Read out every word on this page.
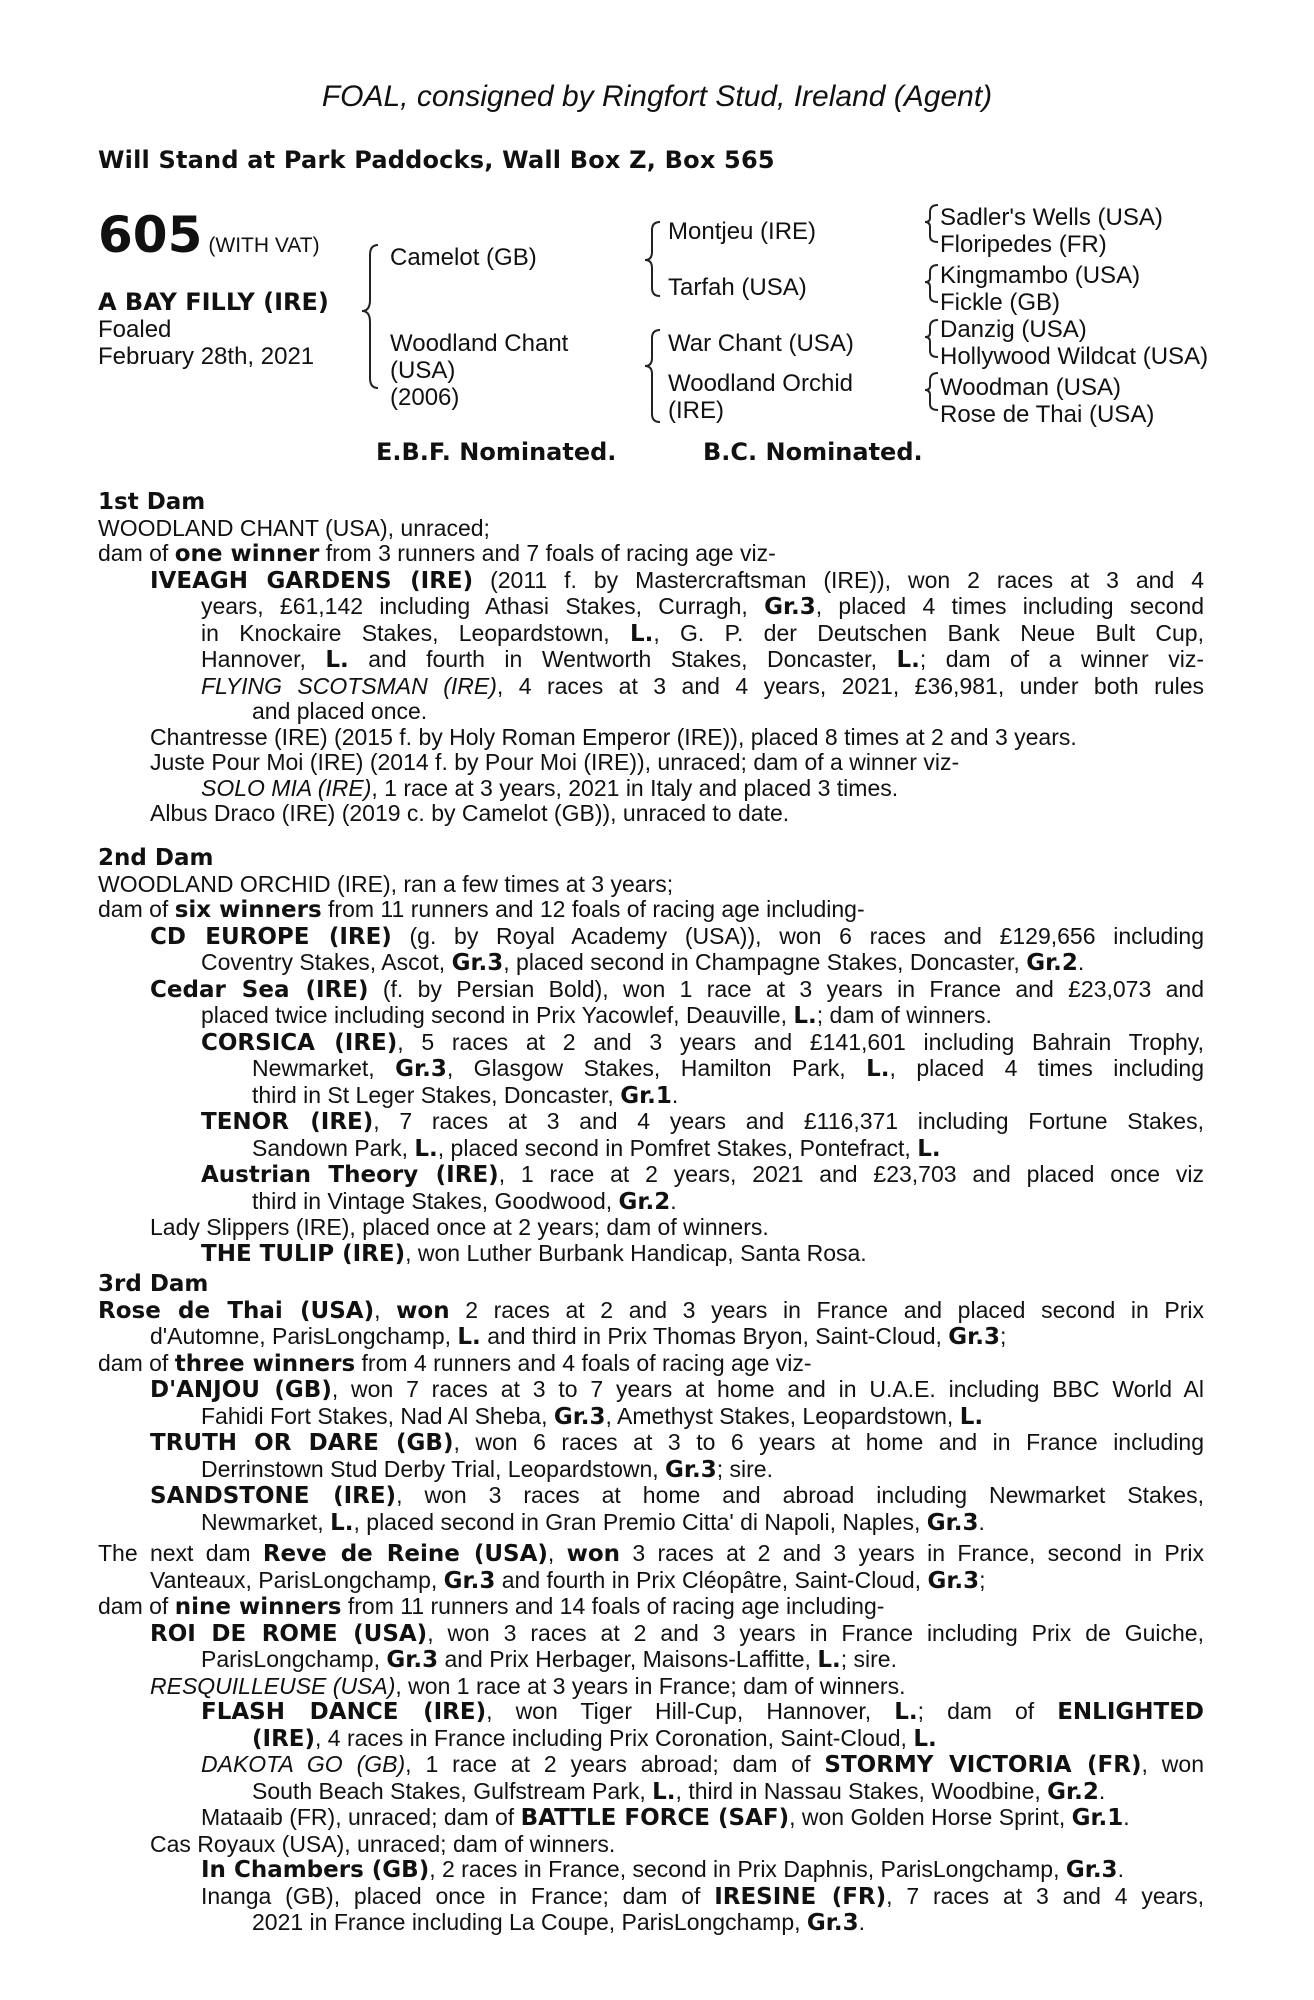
FOAL, consigned by Ringfort Stud, Ireland (Agent)
Will Stand at Park Paddocks, Wall Box Z, Box 565
605 (WITH VAT)
A BAY FILLY (IRE)
Foaled
February 28th, 2021
Camelot (GB)
Woodland Chant
(USA)
(2006)
Montjeu (IRE)
Tarfah (USA)
War Chant (USA)
Woodland Orchid
(IRE)
Sadler's Wells (USA)
Floripedes (FR)
Kingmambo (USA)
Fickle (GB)
Danzig (USA)
Hollywood Wildcat (USA)
Woodman (USA)
Rose de Thai (USA)
E.B.F. Nominated.	B.C. Nominated.
1st Dam
WOODLAND CHANT (USA), unraced;
dam of one winner from 3 runners and 7 foals of racing age viz-
IVEAGH GARDENS (IRE) (2011 f. by Mastercraftsman (IRE)), won 2 races at 3 and 4
years, £61,142 including Athasi Stakes, Curragh, Gr.3, placed 4 times including second
in Knockaire Stakes, Leopardstown, L., G. P. der Deutschen Bank Neue Bult Cup,
Hannover, L. and fourth in Wentworth Stakes, Doncaster, L.; dam of a winner viz-
FLYING SCOTSMAN (IRE), 4 races at 3 and 4 years, 2021, £36,981, under both rules
and placed once.
Chantresse (IRE) (2015 f. by Holy Roman Emperor (IRE)), placed 8 times at 2 and 3 years.
Juste Pour Moi (IRE) (2014 f. by Pour Moi (IRE)), unraced; dam of a winner viz-
SOLO MIA (IRE), 1 race at 3 years, 2021 in Italy and placed 3 times.
Albus Draco (IRE) (2019 c. by Camelot (GB)), unraced to date.
2nd Dam
WOODLAND ORCHID (IRE), ran a few times at 3 years;
dam of six winners from 11 runners and 12 foals of racing age including-
CD EUROPE (IRE) (g. by Royal Academy (USA)), won 6 races and £129,656 including
Coventry Stakes, Ascot, Gr.3, placed second in Champagne Stakes, Doncaster, Gr.2.
Cedar Sea (IRE) (f. by Persian Bold), won 1 race at 3 years in France and £23,073 and
placed twice including second in Prix Yacowlef, Deauville, L.; dam of winners.
CORSICA (IRE), 5 races at 2 and 3 years and £141,601 including Bahrain Trophy,
Newmarket, Gr.3, Glasgow Stakes, Hamilton Park, L., placed 4 times including
third in St Leger Stakes, Doncaster, Gr.1.
TENOR (IRE), 7 races at 3 and 4 years and £116,371 including Fortune Stakes,
Sandown Park, L., placed second in Pomfret Stakes, Pontefract, L.
Austrian Theory (IRE), 1 race at 2 years, 2021 and £23,703 and placed once viz
third in Vintage Stakes, Goodwood, Gr.2.
Lady Slippers (IRE), placed once at 2 years; dam of winners.
THE TULIP (IRE), won Luther Burbank Handicap, Santa Rosa.
3rd Dam
Rose de Thai (USA), won 2 races at 2 and 3 years in France and placed second in Prix
d'Automne, ParisLongchamp, L. and third in Prix Thomas Bryon, Saint-Cloud, Gr.3;
dam of three winners from 4 runners and 4 foals of racing age viz-
D'ANJOU (GB), won 7 races at 3 to 7 years at home and in U.A.E. including BBC World Al
Fahidi Fort Stakes, Nad Al Sheba, Gr.3, Amethyst Stakes, Leopardstown, L.
TRUTH OR DARE (GB), won 6 races at 3 to 6 years at home and in France including
Derrinstown Stud Derby Trial, Leopardstown, Gr.3; sire.
SANDSTONE (IRE), won 3 races at home and abroad including Newmarket Stakes,
Newmarket, L., placed second in Gran Premio Citta' di Napoli, Naples, Gr.3.
The next dam Reve de Reine (USA), won 3 races at 2 and 3 years in France, second in Prix
Vanteaux, ParisLongchamp, Gr.3 and fourth in Prix Cléopâtre, Saint-Cloud, Gr.3;
dam of nine winners from 11 runners and 14 foals of racing age including-
ROI DE ROME (USA), won 3 races at 2 and 3 years in France including Prix de Guiche,
ParisLongchamp, Gr.3 and Prix Herbager, Maisons-Laffitte, L.; sire.
RESQUILLEUSE (USA), won 1 race at 3 years in France; dam of winners.
FLASH DANCE (IRE), won Tiger Hill-Cup, Hannover, L.; dam of ENLIGHTED
(IRE), 4 races in France including Prix Coronation, Saint-Cloud, L.
DAKOTA GO (GB), 1 race at 2 years abroad; dam of STORMY VICTORIA (FR), won
South Beach Stakes, Gulfstream Park, L., third in Nassau Stakes, Woodbine, Gr.2.
Mataaib (FR), unraced; dam of BATTLE FORCE (SAF), won Golden Horse Sprint, Gr.1.
Cas Royaux (USA), unraced; dam of winners.
In Chambers (GB), 2 races in France, second in Prix Daphnis, ParisLongchamp, Gr.3.
Inanga (GB), placed once in France; dam of IRESINE (FR), 7 races at 3 and 4 years,
2021 in France including La Coupe, ParisLongchamp, Gr.3.
